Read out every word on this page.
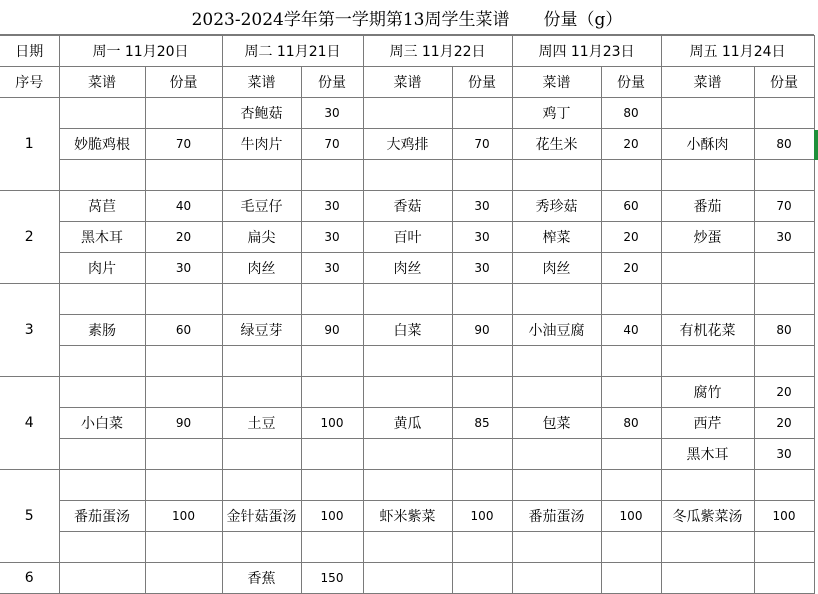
2023-2024学年第一学期第13周学生菜谱 份量（g）
日期	周一 11月20日		周二 11月21日		周三 11月22日		周四 11月23日		周五 11月24日	
序号	菜谱	份量	菜谱	份量	菜谱	份量	菜谱	份量	菜谱	份量
1			杏鲍菇	30			鸡丁	80		
	妙脆鸡根	70	牛肉片	70	大鸡排	70	花生米	20	小酥肉	80

2	莴苣	40	毛豆仔	30	香菇	30	秀珍菇	60	番茄	70
	黑木耳	20	扁尖	30	百叶	30	榨菜	20	炒蛋	30
	肉片	30	肉丝	30	肉丝	30	肉丝	20		
3										
	素肠	60	绿豆芽	90	白菜	90	小油豆腐	40	有机花菜	80

4									腐竹	20
	小白菜	90	土豆	100	黄瓜	85	包菜	80	西芹	20
									黑木耳	30
5										
	番茄蛋汤	100	金针菇蛋汤	100	虾米紫菜	100	番茄蛋汤	100	冬瓜紫菜汤	100

6			香蕉	150						
